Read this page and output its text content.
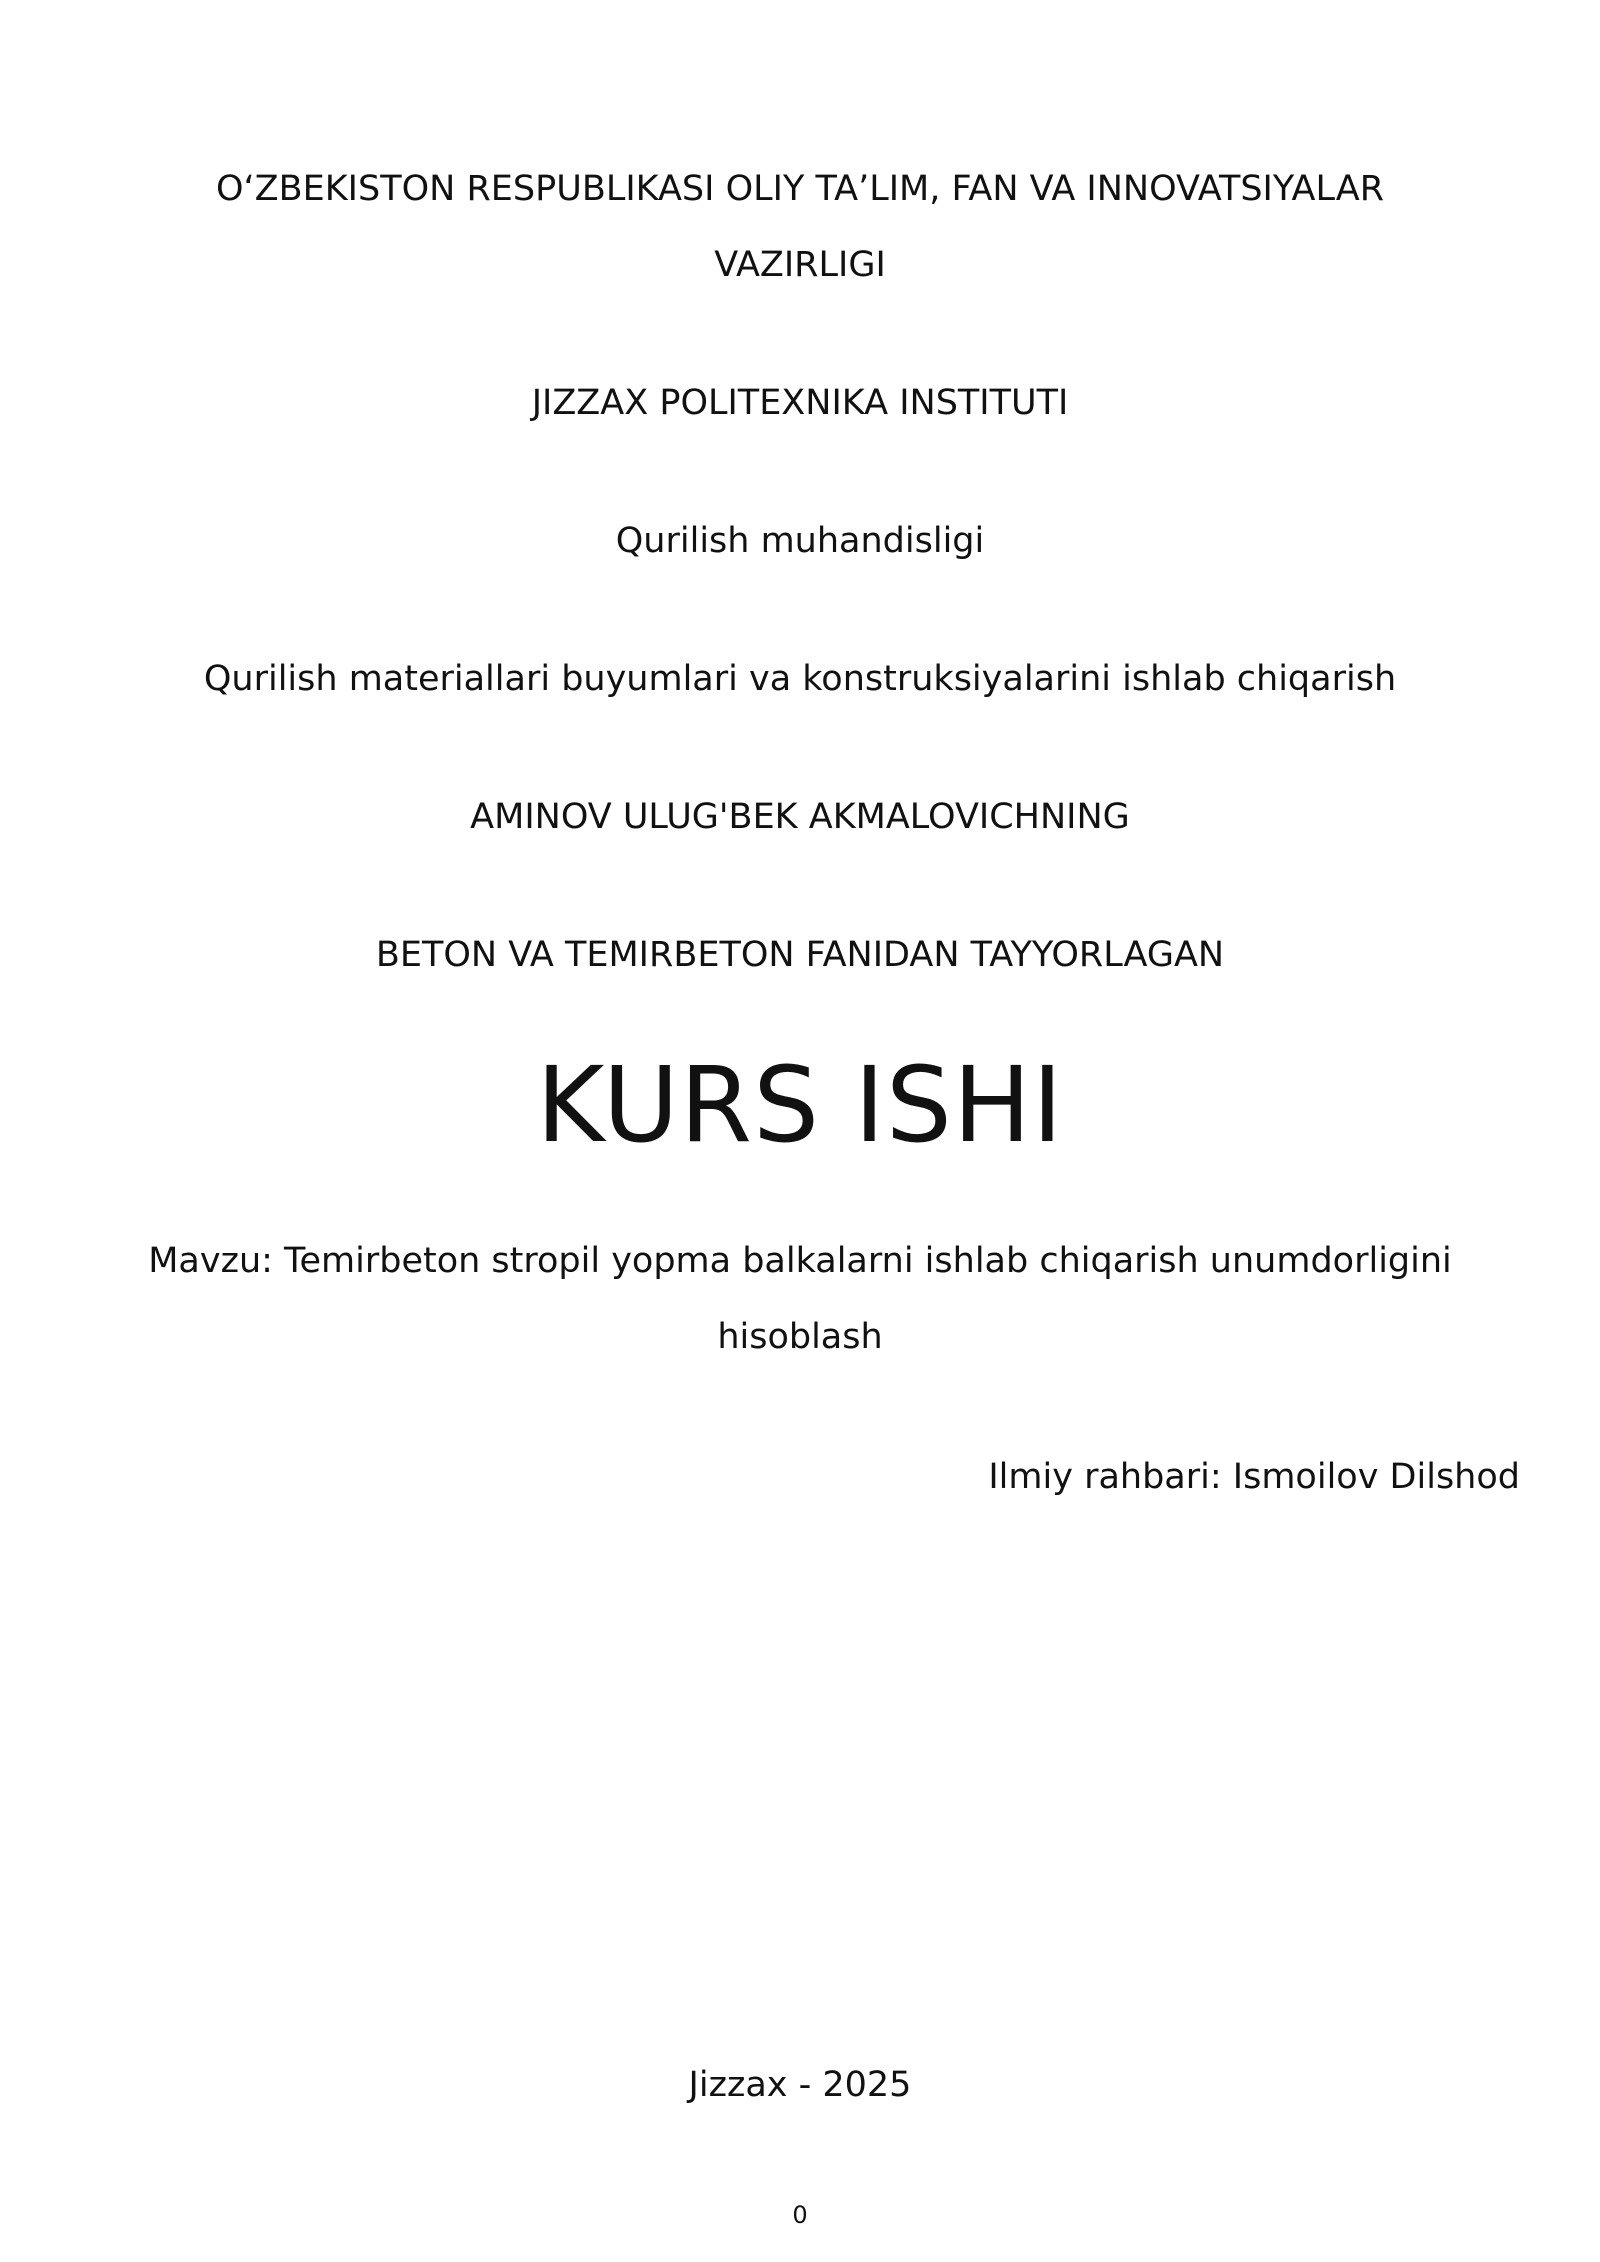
O‘ZBEKISTON RESPUBLIKASI OLIY TA’LIM, FAN VA INNOVATSIYALAR
VAZIRLIGI
JIZZAX POLITEXNIKA INSTITUTI
Qurilish muhandisligi
Qurilish materiallari buyumlari va konstruksiyalarini ishlab chiqarish
AMINOV ULUG'BEK AKMALOVICHNING
BETON VA TEMIRBETON FANIDAN TAYYORLAGAN
KURS ISHI
Mavzu: Temirbeton stropil yopma balkalarni ishlab chiqarish unumdorligini
hisoblash
Ilmiy rahbari: Ismoilov Dilshod
Jizzax - 2025
0
